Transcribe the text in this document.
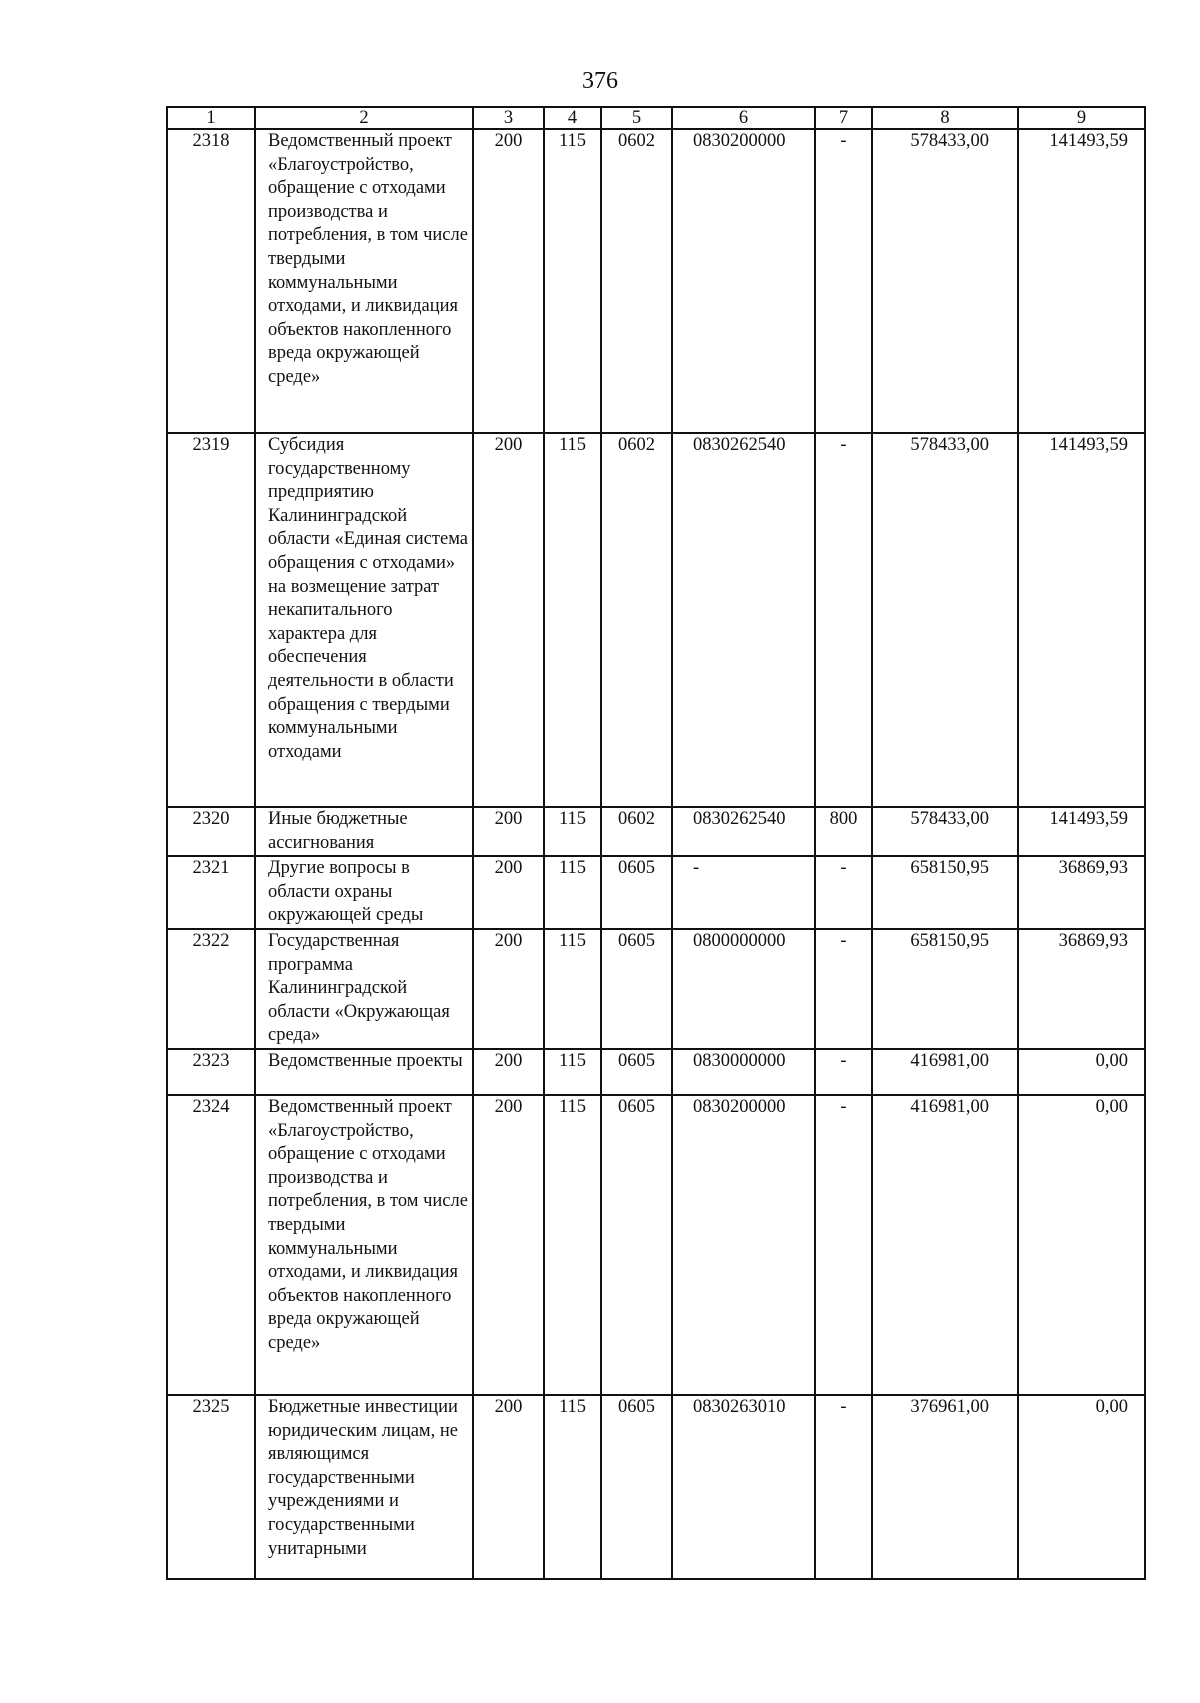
376
1	2	3	4	5	6	7	8	9
2318	Ведомственный проект «Благоустройство, обращение с отходами производства и потребления, в том числе твердыми коммунальными отходами, и ликвидация объектов накопленного вреда окружающей среде»	200	115	0602	0830200000	-	578433,00	141493,59
2319	Субсидия государственному предприятию Калининградской области «Единая система обращения с отходами» на возмещение затрат некапитального характера для обеспечения деятельности в области обращения с твердыми коммунальными отходами	200	115	0602	0830262540	-	578433,00	141493,59
2320	Иные бюджетные ассигнования	200	115	0602	0830262540	800	578433,00	141493,59
2321	Другие вопросы в области охраны окружающей среды	200	115	0605	-	-	658150,95	36869,93
2322	Государственная программа Калининградской области «Окружающая среда»	200	115	0605	0800000000	-	658150,95	36869,93
2323	Ведомственные проекты	200	115	0605	0830000000	-	416981,00	0,00
2324	Ведомственный проект «Благоустройство, обращение с отходами производства и потребления, в том числе твердыми коммунальными отходами, и ликвидация объектов накопленного вреда окружающей среде»	200	115	0605	0830200000	-	416981,00	0,00
2325	Бюджетные инвестиции юридическим лицам, не являющимся государственными учреждениями и государственными унитарными	200	115	0605	0830263010	-	376961,00	0,00
